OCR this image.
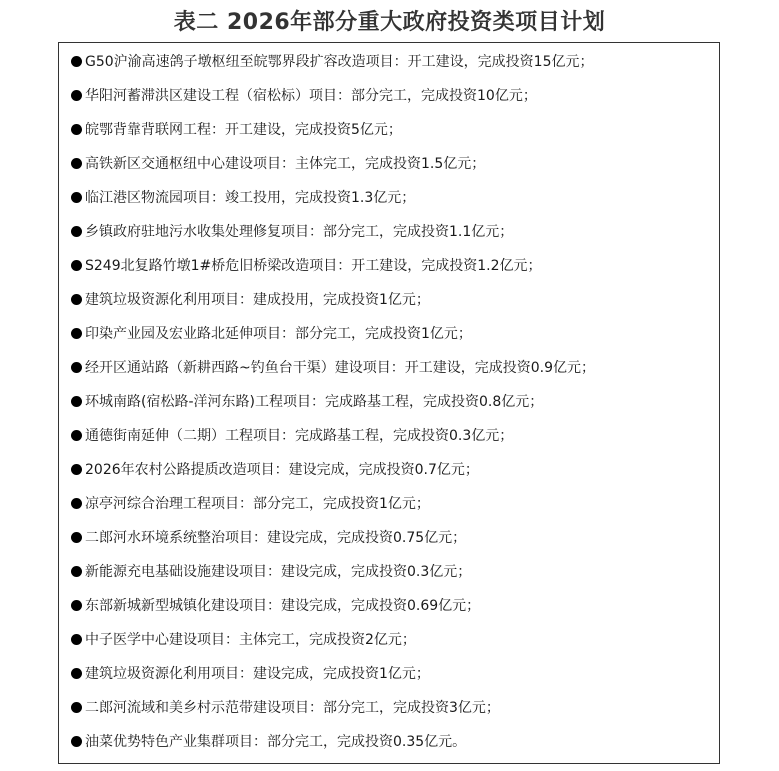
表二 2026年部分重大政府投资类项目计划
G50沪渝高速鸽子墩枢纽至皖鄂界段扩容改造项目：开工建设，完成投资15亿元；
华阳河蓄滞洪区建设工程（宿松标）项目：部分完工，完成投资10亿元；
皖鄂背靠背联网工程：开工建设，完成投资5亿元；
高铁新区交通枢纽中心建设项目：主体完工，完成投资1.5亿元；
临江港区物流园项目：竣工投用，完成投资1.3亿元；
乡镇政府驻地污水收集处理修复项目：部分完工，完成投资1.1亿元；
S249北复路竹墩1#桥危旧桥梁改造项目：开工建设，完成投资1.2亿元；
建筑垃圾资源化利用项目：建成投用，完成投资1亿元；
印染产业园及宏业路北延伸项目：部分完工，完成投资1亿元；
经开区通站路（新耕西路~钓鱼台干渠）建设项目：开工建设，完成投资0.9亿元；
环城南路(宿松路-洋河东路)工程项目：完成路基工程，完成投资0.8亿元；
通德街南延伸（二期）工程项目：完成路基工程，完成投资0.3亿元；
2026年农村公路提质改造项目：建设完成，完成投资0.7亿元；
凉亭河综合治理工程项目：部分完工，完成投资1亿元；
二郎河水环境系统整治项目：建设完成，完成投资0.75亿元；
新能源充电基础设施建设项目：建设完成，完成投资0.3亿元；
东部新城新型城镇化建设项目：建设完成，完成投资0.69亿元；
中子医学中心建设项目：主体完工，完成投资2亿元；
建筑垃圾资源化利用项目：建设完成，完成投资1亿元；
二郎河流域和美乡村示范带建设项目：部分完工，完成投资3亿元；
油菜优势特色产业集群项目：部分完工，完成投资0.35亿元。
